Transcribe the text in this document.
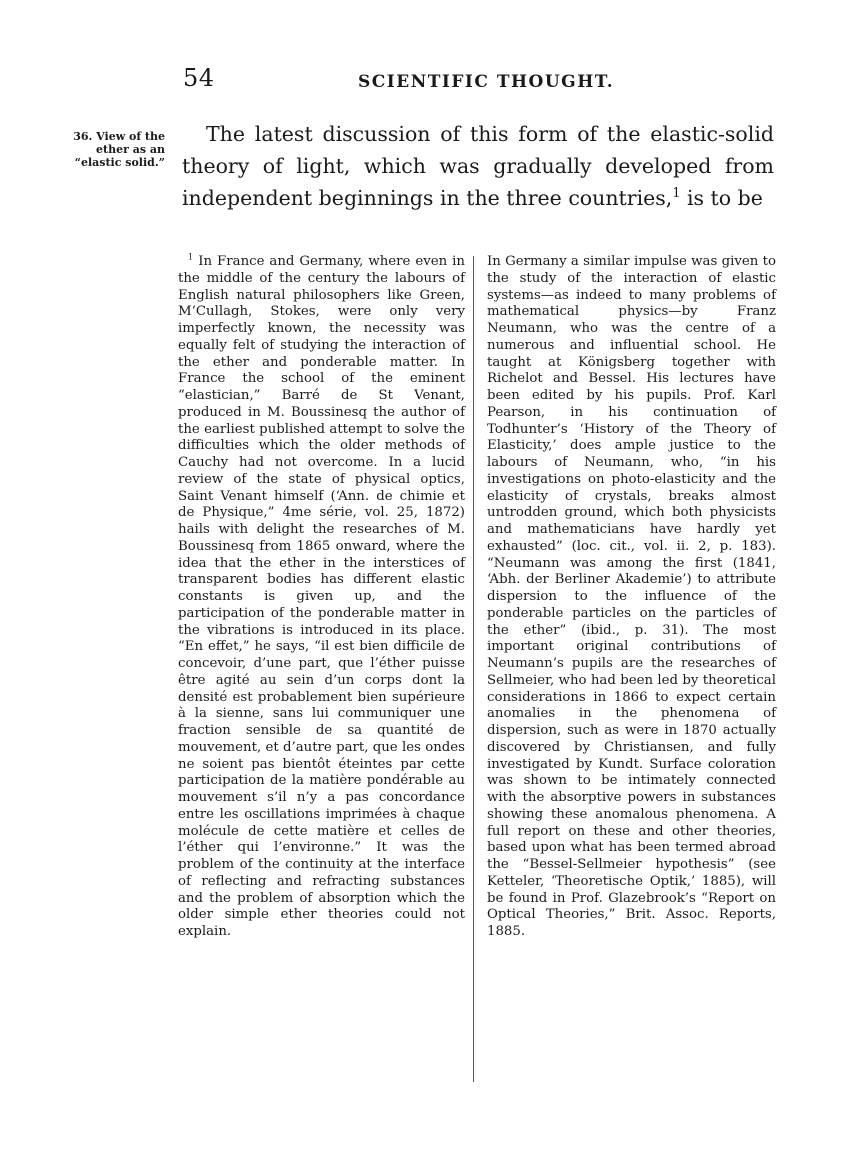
54	SCIENTIFIC THOUGHT.
36. View of the ether as an “elastic solid.”
The latest discussion of this form of the elastic-solid theory of light, which was gradually developed from independent beginnings in the three countries,$^1$ is to be

$^1$ In France and Germany, where even in the middle of the century the labours of English natural philosophers like Green, M‘Cullagh, Stokes, were only very imperfectly known, the necessity was equally felt of studying the interaction of the ether and ponderable matter. In France the school of the eminent “elastician,” Barré de St Venant, produced in M. Boussinesq the author of the earliest published attempt to solve the difficulties which the older methods of Cauchy had not overcome. In a lucid review of the state of physical optics, Saint Venant himself (‘Ann. de chimie et de Physique,” 4me série, vol. 25, 1872) hails with delight the researches of M. Boussinesq from 1865 onward, where the idea that the ether in the interstices of transparent bodies has different elastic constants is given up, and the participation of the ponderable matter in the vibrations is introduced in its place. “En effet,” he says, “il est bien difficile de concevoir, d’une part, que l’éther puisse être agité au sein d’un corps dont la densité est probablement bien supérieure à la sienne, sans lui communiquer une fraction sensible de sa quantité de mouvement, et d’autre part, que les ondes ne soient pas bientôt éteintes par cette participation de la matière pondérable au mouvement s’il n’y a pas concordance entre les oscillations imprimées à chaque molécule de cette matière et celles de l’éther qui l’environne.” It was the problem of the continuity at the interface of reflecting and refracting substances and the problem of absorption which the older simple ether theories could not explain.

In Germany a similar impulse was given to the study of the interaction of elastic systems—as indeed to many problems of mathematical physics—by Franz Neumann, who was the centre of a numerous and influential school. He taught at Königsberg together with Richelot and Bessel. His lectures have been edited by his pupils. Prof. Karl Pearson, in his continuation of Todhunter’s ‘History of the Theory of Elasticity,’ does ample justice to the labours of Neumann, who, “in his investigations on photo-elasticity and the elasticity of crystals, breaks almost untrodden ground, which both physicists and mathematicians have hardly yet exhausted” (loc. cit., vol. ii. 2, p. 183). “Neumann was among the first (1841, ‘Abh. der Berliner Akademie’) to attribute dispersion to the influence of the ponderable particles on the particles of the ether” (ibid., p. 31). The most important original contributions of Neumann’s pupils are the researches of Sellmeier, who had been led by theoretical considerations in 1866 to expect certain anomalies in the phenomena of dispersion, such as were in 1870 actually discovered by Christiansen, and fully investigated by Kundt. Surface coloration was shown to be intimately connected with the absorptive powers in substances showing these anomalous phenomena. A full report on these and other theories, based upon what has been termed abroad the “Bessel-Sellmeier hypothesis” (see Ketteler, ‘Theoretische Optik,’ 1885), will be found in Prof. Glazebrook’s “Report on Optical Theories,” Brit. Assoc. Reports, 1885.
